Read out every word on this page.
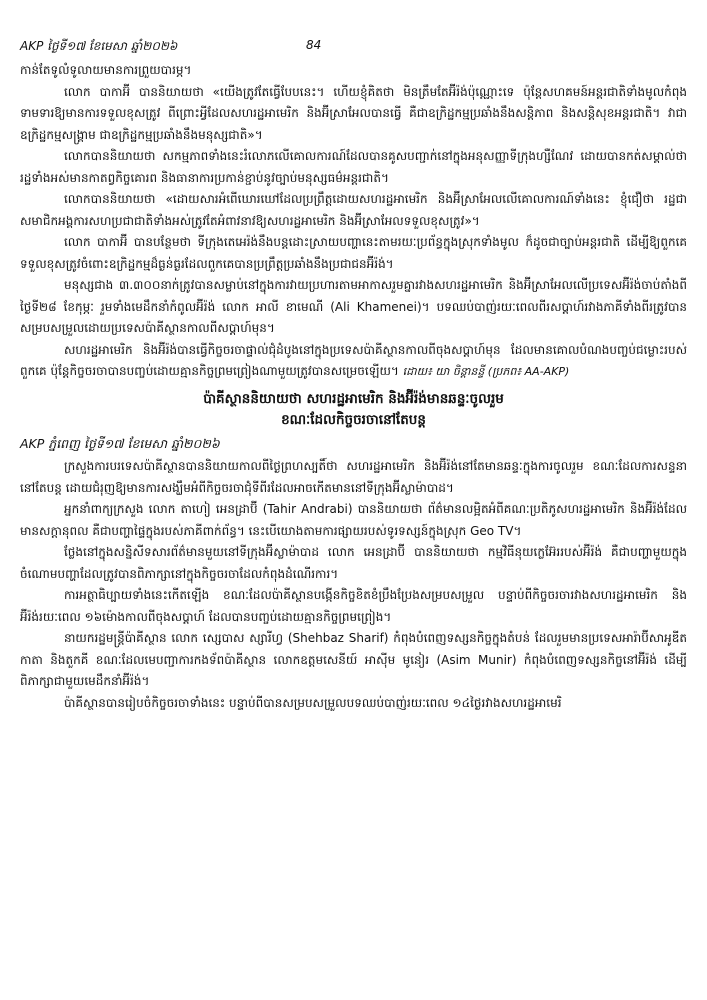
AKP ថ្ងៃទី១៧ ខែមេសា ឆ្នាំ២០២៦	84

កាន់តែទូលំទូលាយមានការព្រួយបារម្ភ។

លោក បាកាអ៊ី បាននិយាយថា «យើងត្រូវតែធ្វើបែបនេះ។ ហើយខ្ញុំគិតថា មិនត្រឹមតែអ៊ីរ៉ង់ប៉ុណ្ណោះទេ ប៉ុន្តែសហគមន៍អន្តរជាតិទាំងមូលកំពុងទាមទារឱ្យមានការទទួលខុសត្រូវ ពីព្រោះអ្វីដែលសហរដ្ឋអាមេរិក និងអ៊ីស្រាអែលបានធ្វើ គឺជាឧក្រិដ្ឋកម្មប្រឆាំងនឹងសន្តិភាព និងសន្តិសុខអន្តរជាតិ។ វាជាឧក្រិដ្ឋកម្មសង្គ្រាម ជាឧក្រិដ្ឋកម្មប្រឆាំងនឹងមនុស្សជាតិ»។

លោកបាននិយាយថា សកម្មភាពទាំងនេះរំលោភលើគោលការណ៍ដែលបានគូសបញ្ជាក់នៅក្នុងអនុសញ្ញាទីក្រុងហ្សឺណែវ ដោយបានកត់សម្គាល់ថា រដ្ឋទាំងអស់មានកាតព្វកិច្ចគោរព និងធានាការប្រកាន់ខ្ជាប់នូវច្បាប់មនុស្សធម៌អន្តរជាតិ។

លោកបាននិយាយថា «ដោយសារអំពើឃោរឃៅដែលប្រព្រឹត្តដោយសហរដ្ឋអាមេរិក និងអ៊ីស្រាអែលលើគោលការណ៍ទាំងនេះ ខ្ញុំជឿថា រដ្ឋជាសមាជិកអង្គការសហប្រជាជាតិទាំងអស់ត្រូវតែអំពាវនាវឱ្យសហរដ្ឋអាមេរិក និងអ៊ីស្រាអែលទទួលខុសត្រូវ»។

លោក បាកាអ៊ី បានបន្ថែមថា ទីក្រុងតេអេរ៉ង់នឹងបន្តដោះស្រាយបញ្ហានេះតាមរយៈប្រព័ន្ធក្នុងស្រុកទាំងមូល ក៏ដូចជាច្បាប់អន្តរជាតិ ដើម្បីឱ្យពួកគេទទួលខុសត្រូវចំពោះឧក្រិដ្ឋកម្មដ៏ធ្ងន់ធ្ងរដែលពួកគេបានប្រព្រឹត្តប្រឆាំងនឹងប្រជាជនអ៊ីរ៉ង់។

មនុស្សជាង ៣.៣០០នាក់ត្រូវបានសម្លាប់នៅក្នុងការវាយប្រហារតាមអាកាសរួមគ្នារវាងសហរដ្ឋអាមេរិក និងអ៊ីស្រាអែលលើប្រទេសអ៊ីរ៉ង់ចាប់តាំងពីថ្ងៃទី២៨ ខែកុម្ភៈ រួមទាំងមេដឹកនាំកំពូលអ៊ីរ៉ង់ លោក អាលី ខាមេណី (Ali Khamenei)។ បទឈប់បាញ់រយៈពេលពីរសប្តាហ៍រវាងភាគីទាំងពីរត្រូវបានសម្របសម្រួលដោយប្រទេសប៉ាគីស្ថានកាលពីសប្តាហ៍មុន។

សហរដ្ឋអាមេរិក និងអ៊ីរ៉ង់បានធ្វើកិច្ចចរចាផ្ទាល់ជុំដំបូងនៅក្នុងប្រទេសប៉ាគីស្ថានកាលពីចុងសប្តាហ៍មុន ដែលមានគោលបំណងបញ្ចប់ជម្លោះរបស់ពួកគេ ប៉ុន្តែកិច្ចចរចាបានបញ្ចប់ដោយគ្មានកិច្ចព្រមព្រៀងណាមួយត្រូវបានសម្រេចឡើយ។ ដោយ៖ យា ចិន្តានន្ទី (ប្រភព៖ AA-AKP)

ប៉ាគីស្ថាននិយាយថា សហរដ្ឋអាមេរិក និងអ៊ីរ៉ង់មានឆន្ទៈចូលរួម
ខណៈដែលកិច្ចចរចានៅតែបន្ត
AKP ភ្នំពេញ ថ្ងៃទី១៧ ខែមេសា ឆ្នាំ២០២៦

ក្រសួងការបរទេសប៉ាគីស្ថានបាននិយាយកាលពីថ្ងៃព្រហស្បតិ៍ថា សហរដ្ឋអាមេរិក និងអ៊ីរ៉ង់នៅតែមានឆន្ទៈក្នុងការចូលរួម ខណៈដែលការសន្ទនានៅតែបន្ត ដោយជំរុញឱ្យមានការសង្ឃឹមអំពីកិច្ចចរចាជុំទីពីរដែលអាចកើតមាននៅទីក្រុងអ៊ីស្លាម៉ាបាដ។

អ្នកនាំពាក្យក្រសួង លោក តាហៀ អេនដ្រាប៊ី (Tahir Andrabi) បាននិយាយថា ព័ត៌មានលម្អិតអំពីគណៈប្រតិភូសហរដ្ឋអាមេរិក និងអ៊ីរ៉ង់ដែលមានសក្តានុពល គឺជាបញ្ហាផ្ទៃក្នុងរបស់ភាគីពាក់ព័ន្ធ។ នេះបើយោងតាមការផ្សាយរបស់ទូរទស្សន៍ក្នុងស្រុក Geo TV។

ថ្លែងនៅក្នុងសន្និសីទសារព័ត៌មានមួយនៅទីក្រុងអ៊ីស្លាម៉ាបាដ លោក អេនដ្រាប៊ី បាននិយាយថា កម្មវិធីនុយក្លេអ៊ែររបស់អ៊ីរ៉ង់ គឺជាបញ្ហាមួយក្នុងចំណោមបញ្ហាដែលត្រូវបានពិភាក្សានៅក្នុងកិច្ចចរចាដែលកំពុងដំណើរការ។

ការអត្ថាធិប្បាយទាំងនេះកើតឡើង ខណៈដែលប៉ាគីស្ថានបង្កើនកិច្ចខិតខំប្រឹងប្រែងសម្របសម្រួល បន្ទាប់ពីកិច្ចចរចារវាងសហរដ្ឋអាមេរិក និងអ៊ីរ៉ង់រយៈពេល ១៦ម៉ោងកាលពីចុងសប្តាហ៍ ដែលបានបញ្ចប់ដោយគ្មានកិច្ចព្រមព្រៀង។

នាយករដ្ឋមន្ត្រីប៉ាគីស្ថាន លោក ស្សេបាស ស្សារីហ្វ (Shehbaz Sharif) កំពុងបំពេញទស្សនកិច្ចក្នុងតំបន់ ដែលរួមមានប្រទេសអារ៉ាប៊ីសាអូឌីត កាតា និងតួកគី ខណៈដែលមេបញ្ជាការកងទ័ពប៉ាគីស្ថាន លោកឧត្តមសេនីយ៍ អាស៊ីម មូនៀរ (Asim Munir) កំពុងបំពេញទស្សនកិច្ចនៅអ៊ីរ៉ង់ ដើម្បីពិភាក្សាជាមួយមេដឹកនាំអ៊ីរ៉ង់។

ប៉ាគីស្ថានបានរៀបចំកិច្ចចរចាទាំងនេះ បន្ទាប់ពីបានសម្របសម្រួលបទឈប់បាញ់រយៈពេល ១៤ថ្ងៃរវាងសហរដ្ឋអាមេរិ
